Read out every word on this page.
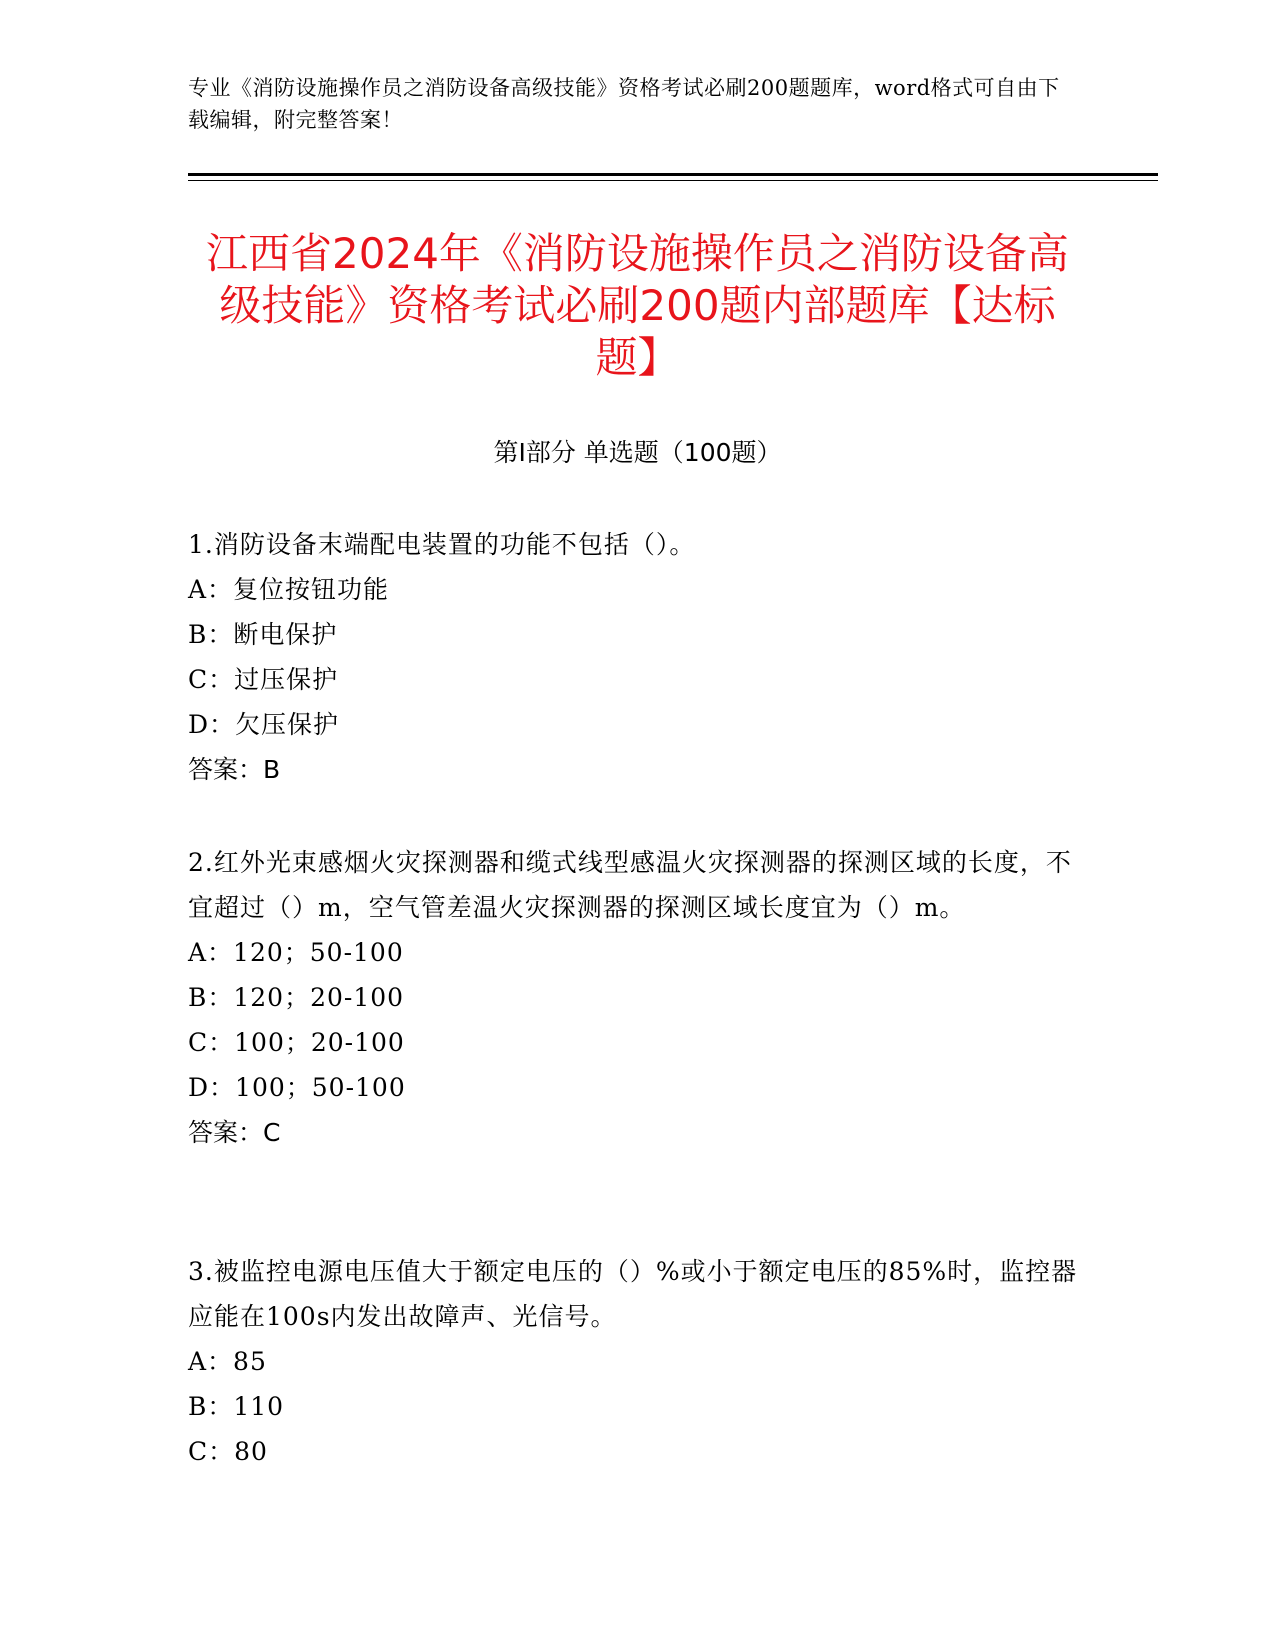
专业《消防设施操作员之消防设备高级技能》资格考试必刷200题题库，word格式可自由下载编辑，附完整答案！
江西省2024年《消防设施操作员之消防设备高级技能》资格考试必刷200题内部题库【达标题】
第I部分 单选题（100题）
1.消防设备末端配电装置的功能不包括（）。
A：复位按钮功能
B：断电保护
C：过压保护
D：欠压保护
答案：B
2.红外光束感烟火灾探测器和缆式线型感温火灾探测器的探测区域的长度，不宜超过（）m，空气管差温火灾探测器的探测区域长度宜为（）m。
A：120；50-100
B：120；20-100
C：100；20-100
D：100；50-100
答案：C
3.被监控电源电压值大于额定电压的（）%或小于额定电压的85%时，监控器应能在100s内发出故障声、光信号。
A：85
B：110
C：80
